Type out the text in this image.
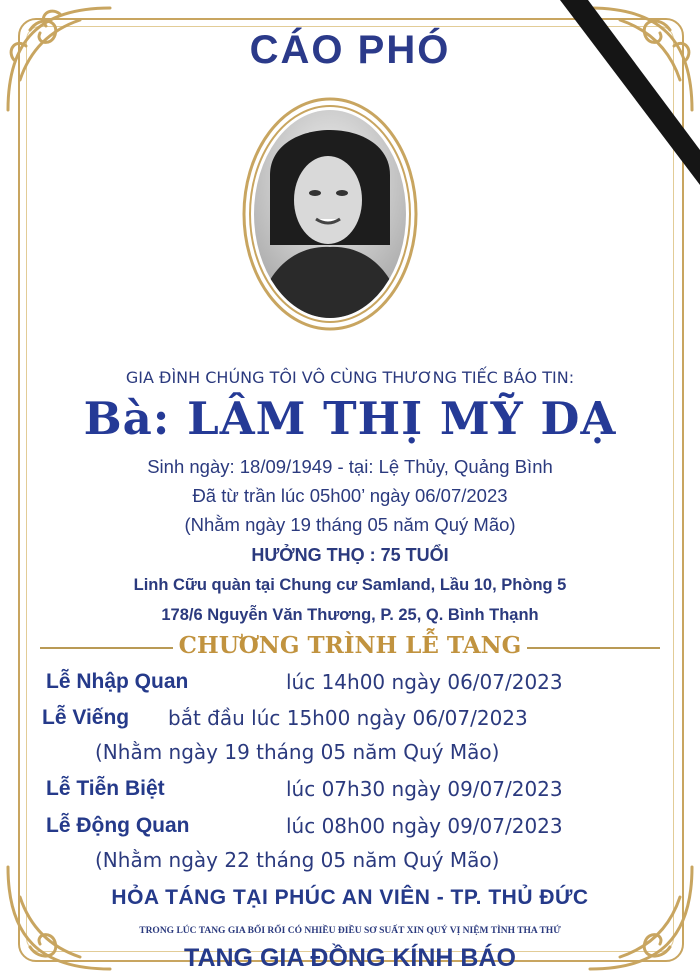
CÁO PHÓ
GIA ĐÌNH CHÚNG TÔI VÔ CÙNG THƯƠNG TIẾC BÁO TIN:
Bà: LÂM THỊ MỸ DẠ
Sinh ngày: 18/09/1949 - tại: Lệ Thủy, Quảng Bình
Đã từ trần lúc 05h00’ ngày 06/07/2023
(Nhằm ngày 19 tháng 05 năm Quý Mão)
HƯỞNG THỌ : 75 TUỔI
Linh Cữu quàn tại Chung cư Samland, Lầu 10, Phòng 5
178/6 Nguyễn Văn Thương, P. 25, Q. Bình Thạnh
CHƯƠNG TRÌNH LỄ TANG
Lễ Nhập Quan	lúc 14h00 ngày 06/07/2023
Lễ Viếng bắt đầu lúc 15h00 ngày 06/07/2023
(Nhằm ngày 19 tháng 05 năm Quý Mão)
Lễ Tiễn Biệt	lúc 07h30 ngày 09/07/2023
Lễ Động Quan	lúc 08h00 ngày 09/07/2023
(Nhằm ngày 22 tháng 05 năm Quý Mão)
HỎA TÁNG TẠI PHÚC AN VIÊN - TP. THỦ ĐỨC
TRONG LÚC TANG GIA BỐI RỐI CÓ NHIỀU ĐIỀU SƠ SUẤT XIN QUÝ VỊ NIỆM TÌNH THA THỨ
TANG GIA ĐỒNG KÍNH BÁO
